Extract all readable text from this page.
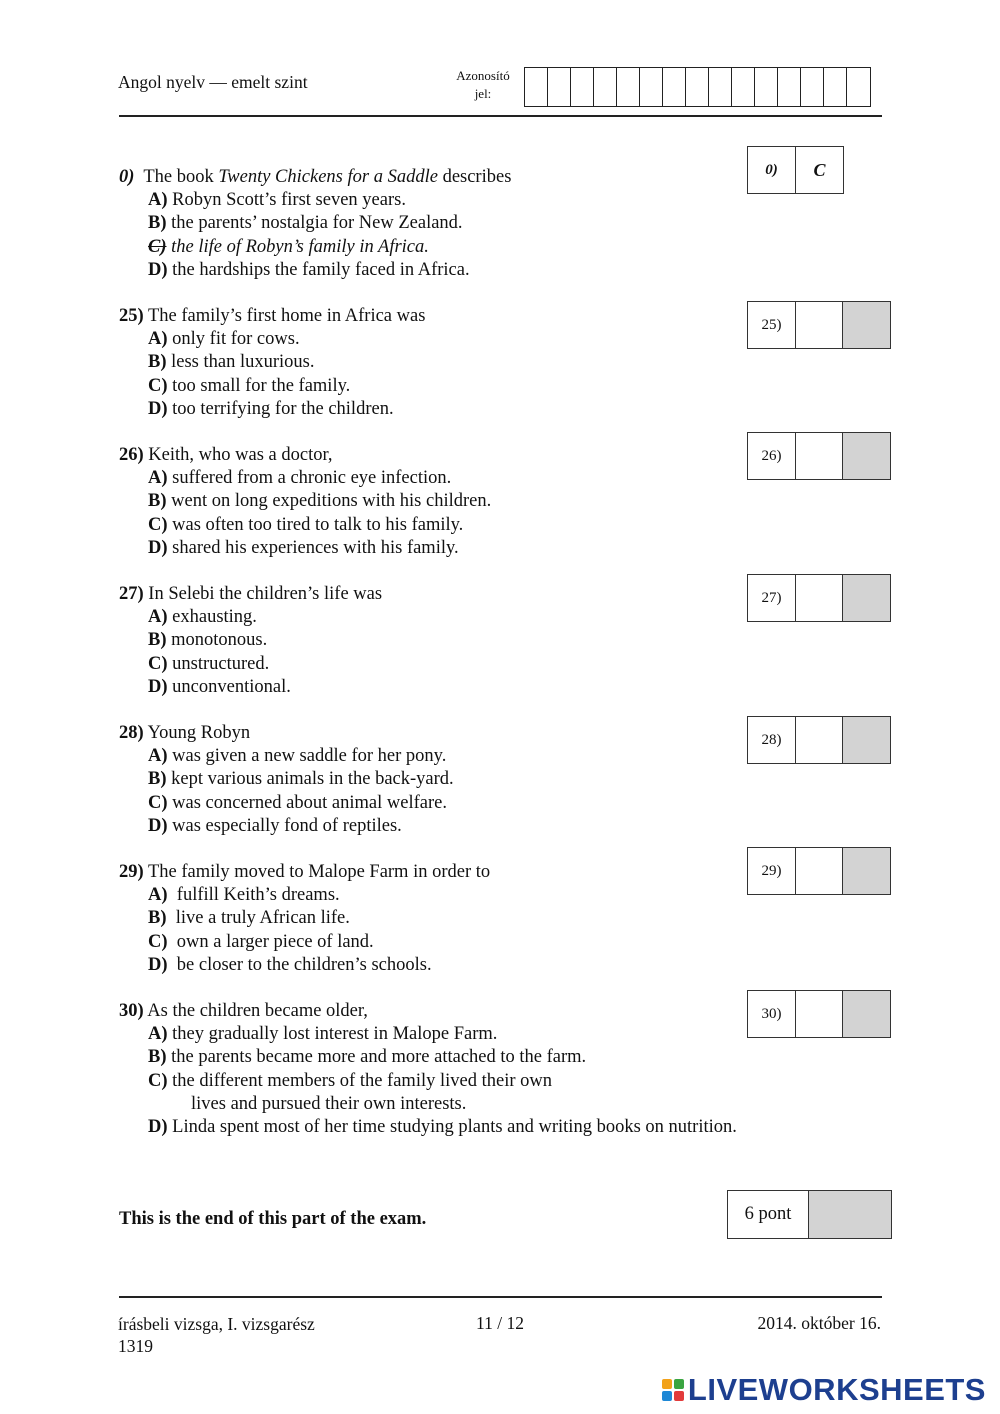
Angol nyelv — emelt szint	Azonosító
jel:
0) The book Twenty Chickens for a Saddle describes
A) Robyn Scott’s first seven years.
B) the parents’ nostalgia for New Zealand.
C) the life of Robyn’s family in Africa.
D) the hardships the family faced in Africa.
0)	C
25) The family’s first home in Africa was
A) only fit for cows.
B) less than luxurious.
C) too small for the family.
D) too terrifying for the children.
25)
26) Keith, who was a doctor,
A) suffered from a chronic eye infection.
B) went on long expeditions with his children.
C) was often too tired to talk to his family.
D) shared his experiences with his family.
26)
27) In Selebi the children’s life was
A) exhausting.
B) monotonous.
C) unstructured.
D) unconventional.
27)
28) Young Robyn
A) was given a new saddle for her pony.
B) kept various animals in the back-yard.
C) was concerned about animal welfare.
D) was especially fond of reptiles.
28)
29) The family moved to Malope Farm in order to
A) fulfill Keith’s dreams.
B) live a truly African life.
C) own a larger piece of land.
D) be closer to the children’s schools.
29)
30) As the children became older,
A) they gradually lost interest in Malope Farm.
B) the parents became more and more attached to the farm.
C) the different members of the family lived their own
lives and pursued their own interests.
D) Linda spent most of her time studying plants and writing books on nutrition.
30)
This is the end of this part of the exam.	6 pont
írásbeli vizsga, I. vizsgarész
1319
11 / 12	2014. október 16.
LIVEWORKSHEETS
